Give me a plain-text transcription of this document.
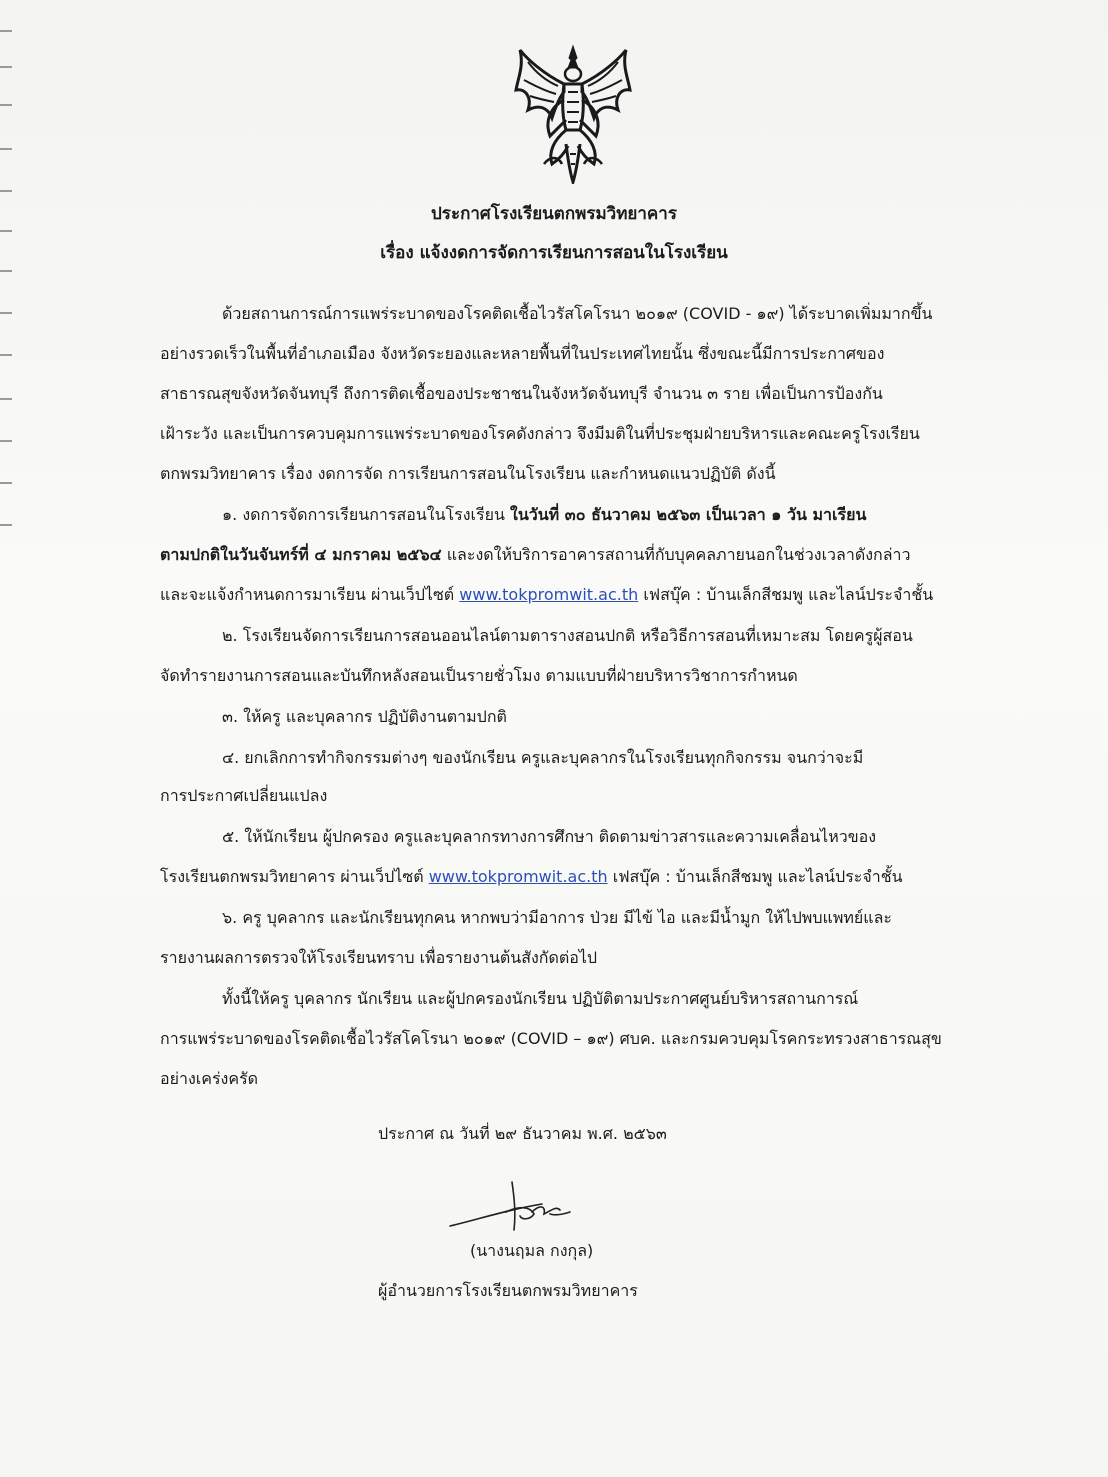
ประกาศโรงเรียนตกพรมวิทยาคาร
เรื่อง แจ้งงดการจัดการเรียนการสอนในโรงเรียน
ด้วยสถานการณ์การแพร่ระบาดของโรคติดเชื้อไวรัสโคโรนา ๒๐๑๙ (COVID - ๑๙) ได้ระบาดเพิ่มมากขึ้น
อย่างรวดเร็วในพื้นที่อำเภอเมือง จังหวัดระยองและหลายพื้นที่ในประเทศไทยนั้น ซึ่งขณะนี้มีการประกาศของ
สาธารณสุขจังหวัดจันทบุรี ถึงการติดเชื้อของประชาชนในจังหวัดจันทบุรี จำนวน ๓ ราย เพื่อเป็นการป้องกัน
เฝ้าระวัง และเป็นการควบคุมการแพร่ระบาดของโรคดังกล่าว จึงมีมติในที่ประชุมฝ่ายบริหารและคณะครูโรงเรียน
ตกพรมวิทยาคาร เรื่อง งดการจัด การเรียนการสอนในโรงเรียน และกำหนดแนวปฏิบัติ ดังนี้
๑. งดการจัดการเรียนการสอนในโรงเรียน ในวันที่ ๓๐ ธันวาคม ๒๕๖๓ เป็นเวลา ๑ วัน มาเรียน
ตามปกติในวันจันทร์ที่ ๔ มกราคม ๒๕๖๔ และงดให้บริการอาคารสถานที่กับบุคคลภายนอกในช่วงเวลาดังกล่าว
และจะแจ้งกำหนดการมาเรียน ผ่านเว็ปไซต์ www.tokpromwit.ac.th เฟสบุ๊ค : บ้านเล็กสีชมพู และไลน์ประจำชั้น
๒. โรงเรียนจัดการเรียนการสอนออนไลน์ตามตารางสอนปกติ หรือวิธีการสอนที่เหมาะสม โดยครูผู้สอน
จัดทำรายงานการสอนและบันทึกหลังสอนเป็นรายชั่วโมง ตามแบบที่ฝ่ายบริหารวิชาการกำหนด
๓. ให้ครู และบุคลากร ปฏิบัติงานตามปกติ
๔. ยกเลิกการทำกิจกรรมต่างๆ ของนักเรียน ครูและบุคลากรในโรงเรียนทุกกิจกรรม จนกว่าจะมี
การประกาศเปลี่ยนแปลง
๕. ให้นักเรียน ผู้ปกครอง ครูและบุคลากรทางการศึกษา ติดตามข่าวสารและความเคลื่อนไหวของ
โรงเรียนตกพรมวิทยาคาร ผ่านเว็ปไซต์ www.tokpromwit.ac.th เฟสบุ๊ค : บ้านเล็กสีชมพู และไลน์ประจำชั้น
๖. ครู บุคลากร และนักเรียนทุกคน หากพบว่ามีอาการ ป่วย มีไข้ ไอ และมีน้ำมูก ให้ไปพบแพทย์และ
รายงานผลการตรวจให้โรงเรียนทราบ เพื่อรายงานต้นสังกัดต่อไป
ทั้งนี้ให้ครู บุคลากร นักเรียน และผู้ปกครองนักเรียน ปฏิบัติตามประกาศศูนย์บริหารสถานการณ์
การแพร่ระบาดของโรคติดเชื้อไวรัสโคโรนา ๒๐๑๙ (COVID – ๑๙) ศบค. และกรมควบคุมโรคกระทรวงสาธารณสุข
อย่างเคร่งครัด
ประกาศ ณ วันที่ ๒๙ ธันวาคม พ.ศ. ๒๕๖๓
(นางนฤมล กงกุล)
ผู้อำนวยการโรงเรียนตกพรมวิทยาคาร
